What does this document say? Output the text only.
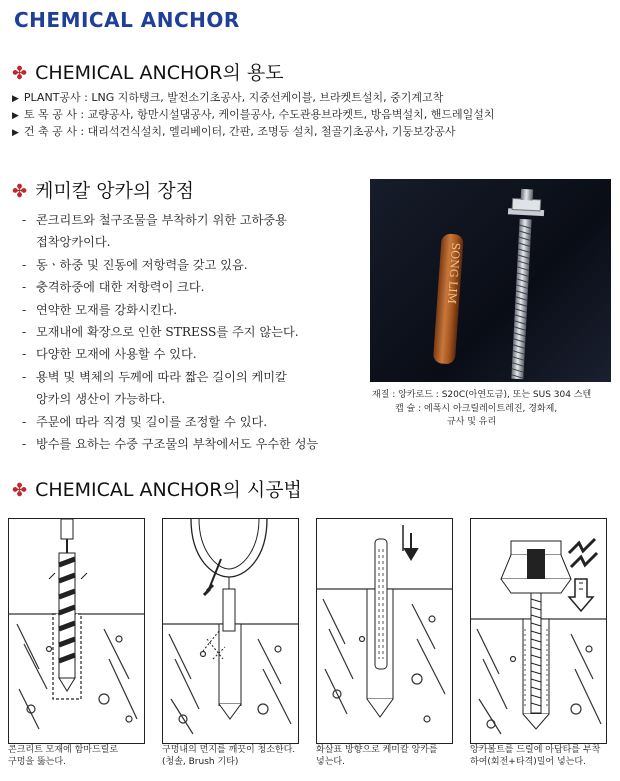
CHEMICAL ANCHOR
✤ CHEMICAL ANCHOR의 용도
▶ PLANT공사 : LNG 지하탱크, 발전소기초공사, 지중선케이블, 브라켓트설치, 중기계고착
▶ 토 목 공 사 : 교량공사, 항만시설댐공사, 케이블공사, 수도관용브라켓트, 방음벽설치, 핸드레일설치
▶ 건 축 공 사 : 대리석건식설치, 엘리베이터, 간판, 조명등 설치, 철골기초공사, 기둥보강공사
✤ 케미칼 앙카의 장점
- 콘크리트와 철구조물을 부착하기 위한 고하중용
접착앙카이다.
- 동ㆍ하중 및 진동에 저항력을 갖고 있음.
- 충격하중에 대한 저항력이 크다.
- 연약한 모재를 강화시킨다.
- 모재내에 확장으로 인한 STRESS를 주지 않는다.
- 다양한 모재에 사용할 수 있다.
- 용벽 및 벽체의 두께에 따라 짧은 길이의 케미칼
앙카의 생산이 가능하다.
- 주문에 따라 직경 및 길이를 조정할 수 있다.
- 방수를 요하는 수중 구조물의 부착에서도 우수한 성능
SONG LIM
재질 : 앙카로드 : S20C(아연도금), 또는 SUS 304 스텐
캡 슐 : 에폭시 아크릴레이트레진, 경화제,
규사 및 유리
✤ CHEMICAL ANCHOR의 시공법
콘크리트 모재에 함마드릴로
구멍을 뚫는다.
구멍내의 먼지를 깨끗이 청소한다.
(청솔, Brush 기타)
화살표 방향으로 케미칼 앙카를
넣는다.
앙카볼트를 드릴에 아답타를 부착
하여(회전+타격)밀어 넣는다.
